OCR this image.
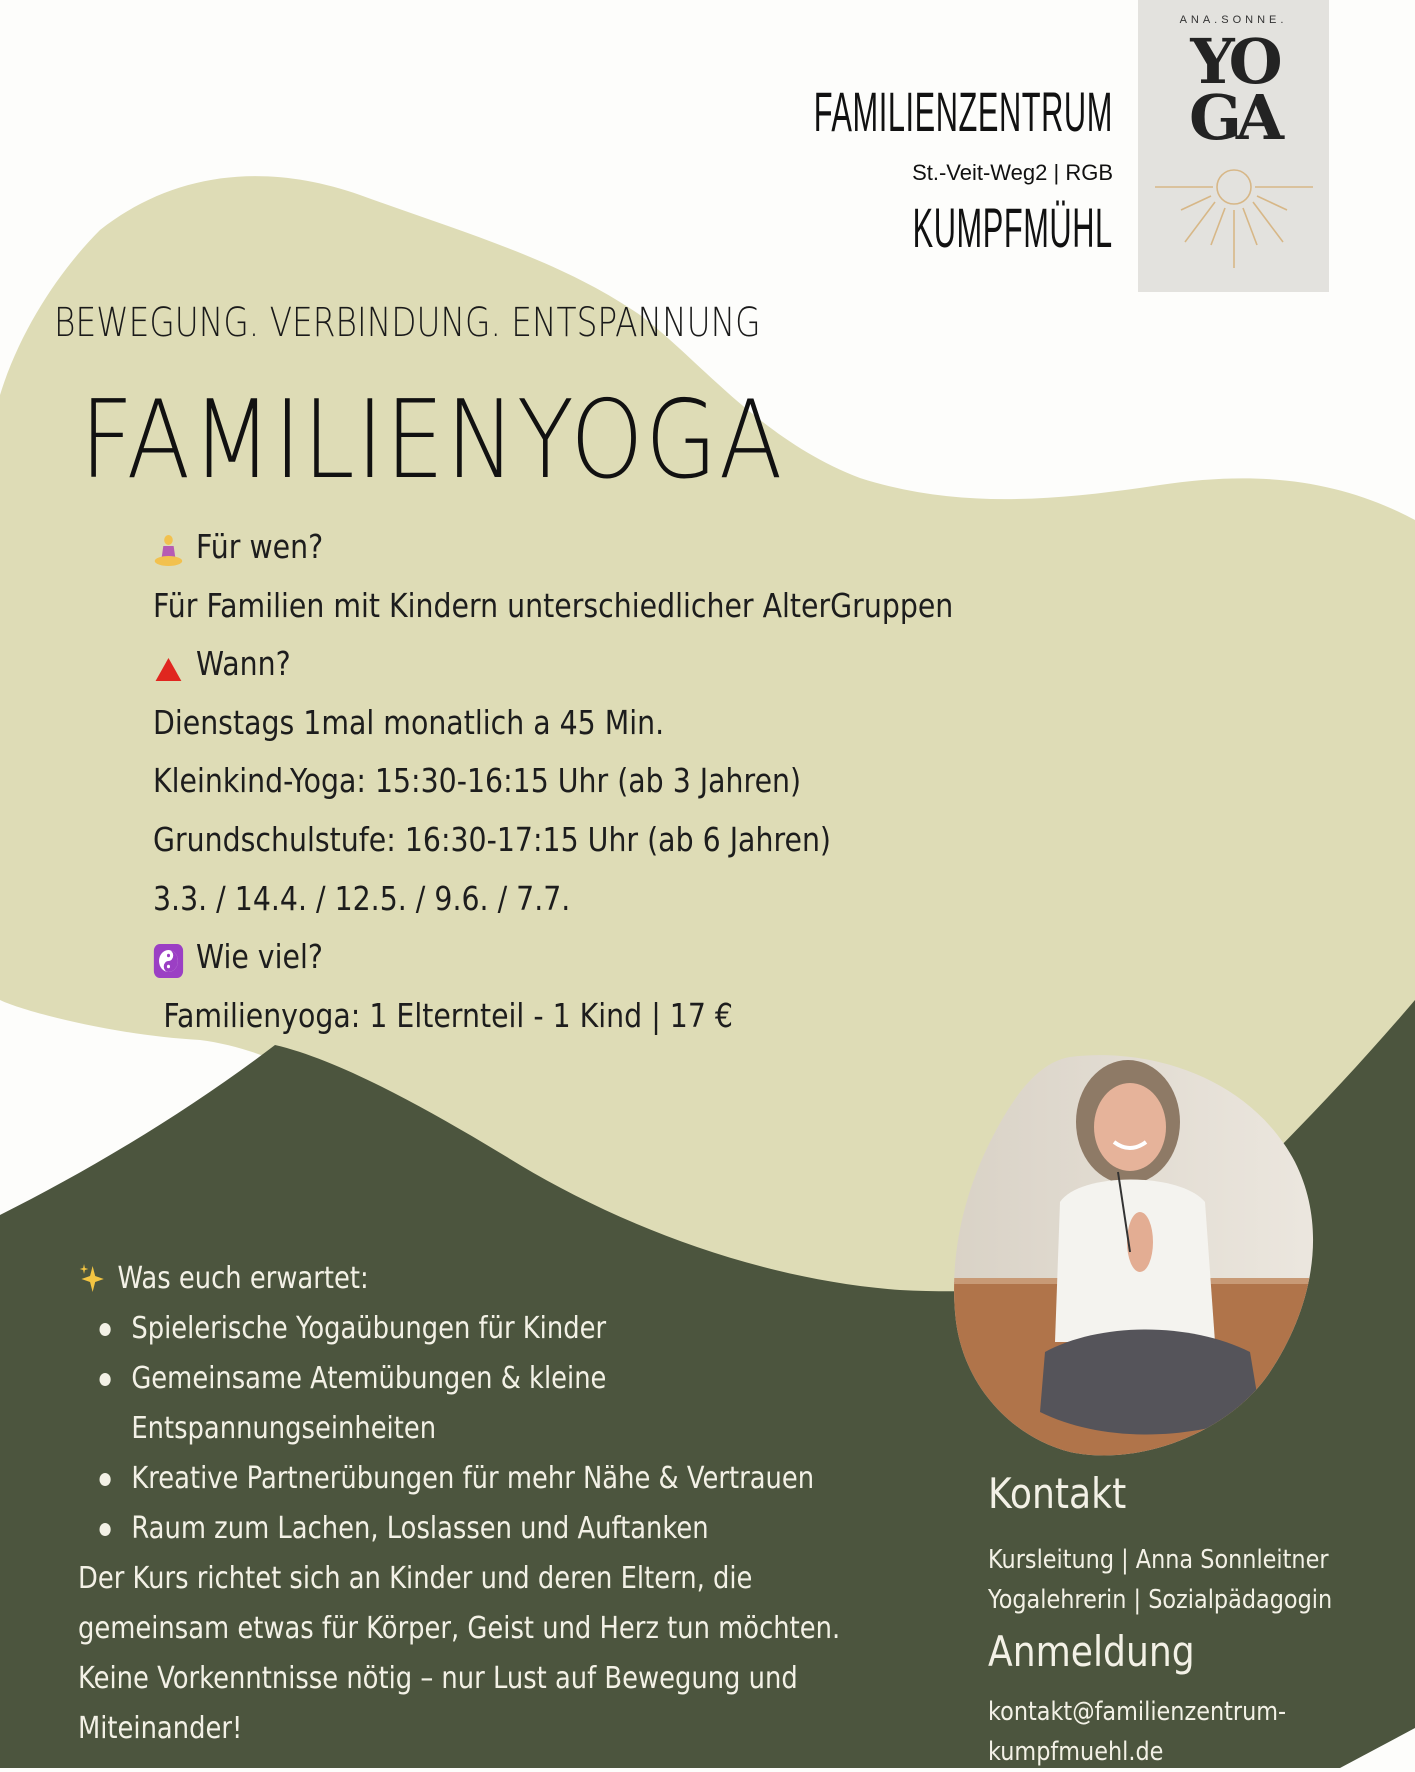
FAMILIENZENTRUM
St.-Veit-Weg2 | RGB
KUMPFMÜHL
ANA.SONNE.
YO
GA
BEWEGUNG. VERBINDUNG. ENTSPANNUNG
FAMILIENYOGA
Für wen?
Für Familien mit Kindern unterschiedlicher AlterGruppen
Wann?
Dienstags 1mal monatlich a 45 Min.
Kleinkind-Yoga: 15:30-16:15 Uhr (ab 3 Jahren)
Grundschulstufe: 16:30-17:15 Uhr (ab 6 Jahren)
3.3. / 14.4. / 12.5. / 9.6. / 7.7.
Wie viel?
Familienyoga: 1 Elternteil - 1 Kind | 17 €
Was euch erwartet:
Spielerische Yogaübungen für Kinder
Gemeinsame Atemübungen & kleine
Entspannungseinheiten
Kreative Partnerübungen für mehr Nähe & Vertrauen
Raum zum Lachen, Loslassen und Auftanken

Der Kurs richtet sich an Kinder und deren Eltern, die

gemeinsam etwas für Körper, Geist und Herz tun möchten.

Keine Vorkenntnisse nötig – nur Lust auf Bewegung und

Miteinander!

Kontakt
Kursleitung | Anna Sonnleitner
Yogalehrerin | Sozialpädagogin
Anmeldung
kontakt@familienzentrum-
kumpfmuehl.de
